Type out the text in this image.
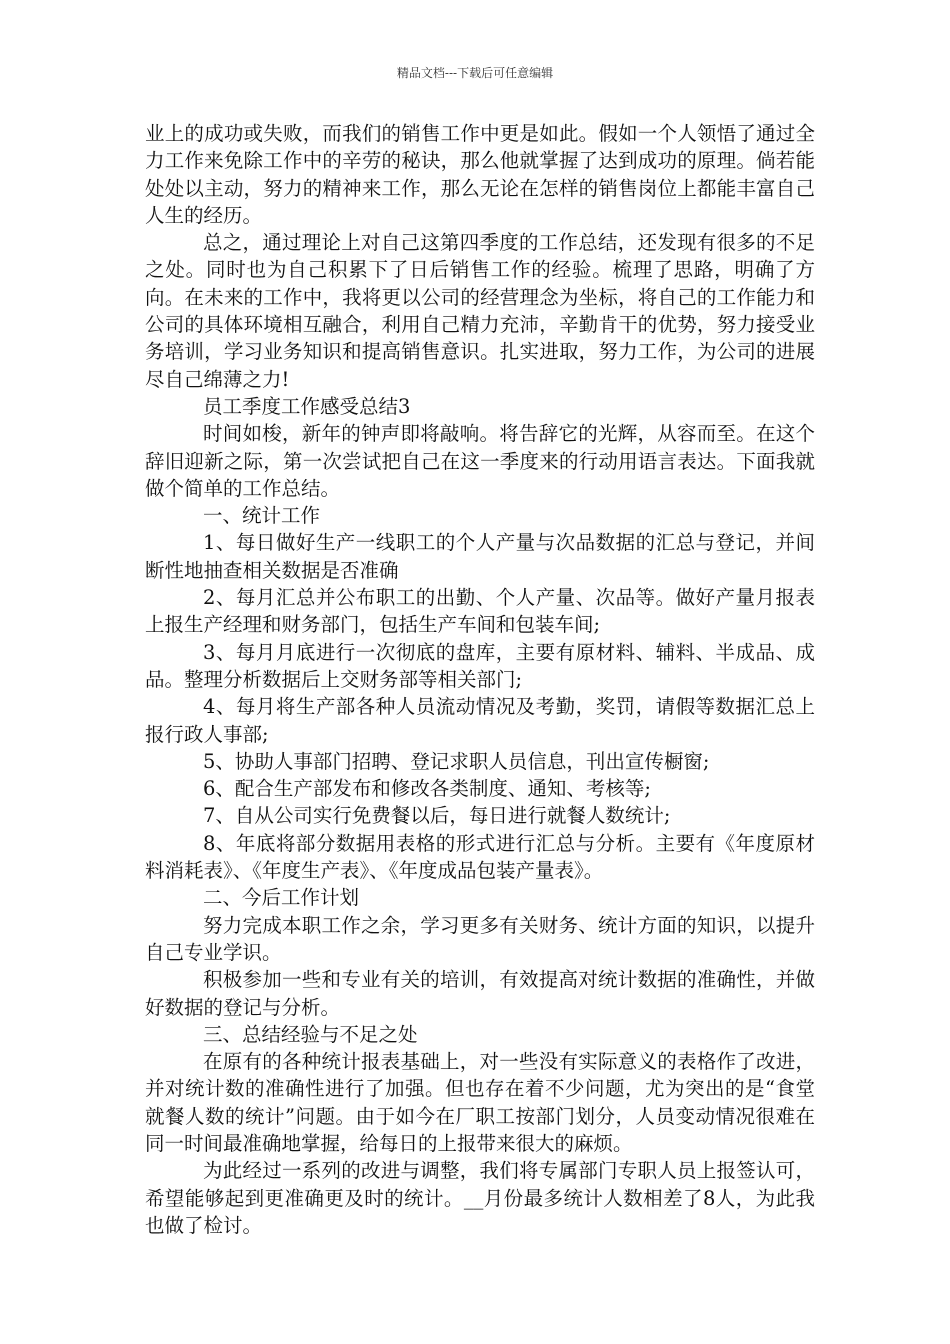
精品文档---下载后可任意编辑

业上的成功或失败，而我们的销售工作中更是如此。假如一个人领悟了通过全力工作来免除工作中的辛劳的秘诀，那么他就掌握了达到成功的原理。倘若能处处以主动，努力的精神来工作，那么无论在怎样的销售岗位上都能丰富自己人生的经历。

总之，通过理论上对自己这第四季度的工作总结，还发现有很多的不足之处。同时也为自己积累下了日后销售工作的经验。梳理了思路，明确了方向。在未来的工作中，我将更以公司的经营理念为坐标，将自己的工作能力和公司的具体环境相互融合，利用自己精力充沛，辛勤肯干的优势，努力接受业务培训，学习业务知识和提高销售意识。扎实进取，努力工作，为公司的进展尽自己绵薄之力!

员工季度工作感受总结3

时间如梭，新年的钟声即将敲响。将告辞它的光辉，从容而至。在这个辞旧迎新之际，第一次尝试把自己在这一季度来的行动用语言表达。下面我就做个简单的工作总结。

一、统计工作

1、每日做好生产一线职工的个人产量与次品数据的汇总与登记，并间断性地抽查相关数据是否准确

2、每月汇总并公布职工的出勤、个人产量、次品等。做好产量月报表上报生产经理和财务部门，包括生产车间和包装车间;

3、每月月底进行一次彻底的盘库，主要有原材料、辅料、半成品、成品。整理分析数据后上交财务部等相关部门;

4、每月将生产部各种人员流动情况及考勤，奖罚，请假等数据汇总上报行政人事部;

5、协助人事部门招聘、登记求职人员信息，刊出宣传橱窗;

6、配合生产部发布和修改各类制度、通知、考核等;

7、自从公司实行免费餐以后，每日进行就餐人数统计;

8、年底将部分数据用表格的形式进行汇总与分析。主要有《年度原材料消耗表》、《年度生产表》、《年度成品包装产量表》。

二、今后工作计划

努力完成本职工作之余，学习更多有关财务、统计方面的知识，以提升自己专业学识。

积极参加一些和专业有关的培训，有效提高对统计数据的准确性，并做好数据的登记与分析。

三、总结经验与不足之处

在原有的各种统计报表基础上，对一些没有实际意义的表格作了改进，并对统计数的准确性进行了加强。但也存在着不少问题，尤为突出的是“食堂就餐人数的统计”问题。由于如今在厂职工按部门划分，人员变动情况很难在同一时间最准确地掌握，给每日的上报带来很大的麻烦。

为此经过一系列的改进与调整，我们将专属部门专职人员上报签认可，希望能够起到更准确更及时的统计。__月份最多统计人数相差了8人，为此我也做了检讨。
